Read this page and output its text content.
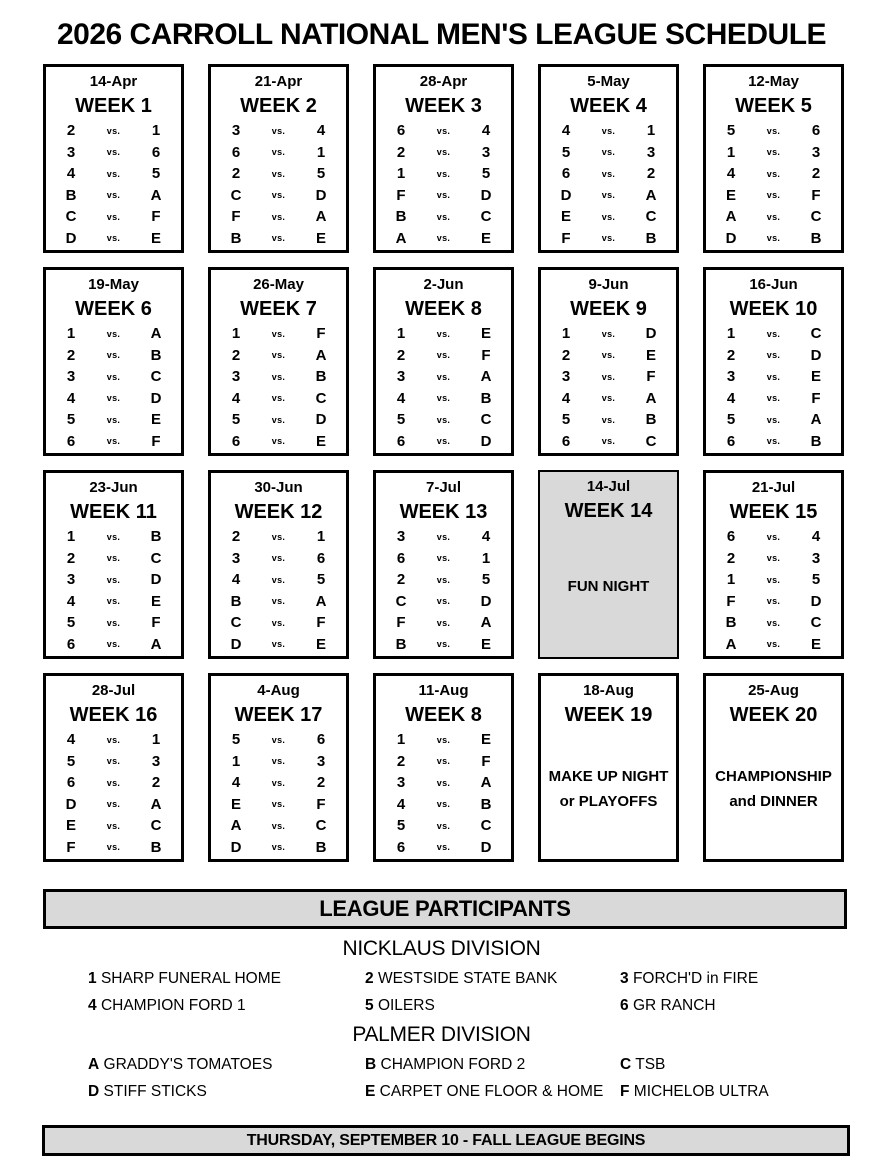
2026 CARROLL NATIONAL MEN'S LEAGUE SCHEDULE
14-Apr
WEEK 1
2	vs.	1
3	vs.	6
4	vs.	5
B	vs.	A
C	vs.	F
D	vs.	E
21-Apr
WEEK 2
3	vs.	4
6	vs.	1
2	vs.	5
C	vs.	D
F	vs.	A
B	vs.	E
28-Apr
WEEK 3
6	vs.	4
2	vs.	3
1	vs.	5
F	vs.	D
B	vs.	C
A	vs.	E
5-May
WEEK 4
4	vs.	1
5	vs.	3
6	vs.	2
D	vs.	A
E	vs.	C
F	vs.	B
12-May
WEEK 5
5	vs.	6
1	vs.	3
4	vs.	2
E	vs.	F
A	vs.	C
D	vs.	B
19-May
WEEK 6
1	vs.	A
2	vs.	B
3	vs.	C
4	vs.	D
5	vs.	E
6	vs.	F
26-May
WEEK 7
1	vs.	F
2	vs.	A
3	vs.	B
4	vs.	C
5	vs.	D
6	vs.	E
2-Jun
WEEK 8
1	vs.	E
2	vs.	F
3	vs.	A
4	vs.	B
5	vs.	C
6	vs.	D
9-Jun
WEEK 9
1	vs.	D
2	vs.	E
3	vs.	F
4	vs.	A
5	vs.	B
6	vs.	C
16-Jun
WEEK 10
1	vs.	C
2	vs.	D
3	vs.	E
4	vs.	F
5	vs.	A
6	vs.	B
23-Jun
WEEK 11
1	vs.	B
2	vs.	C
3	vs.	D
4	vs.	E
5	vs.	F
6	vs.	A
30-Jun
WEEK 12
2	vs.	1
3	vs.	6
4	vs.	5
B	vs.	A
C	vs.	F
D	vs.	E
7-Jul
WEEK 13
3	vs.	4
6	vs.	1
2	vs.	5
C	vs.	D
F	vs.	A
B	vs.	E
14-Jul
WEEK 14
FUN NIGHT
21-Jul
WEEK 15
6	vs.	4
2	vs.	3
1	vs.	5
F	vs.	D
B	vs.	C
A	vs.	E
28-Jul
WEEK 16
4	vs.	1
5	vs.	3
6	vs.	2
D	vs.	A
E	vs.	C
F	vs.	B
4-Aug
WEEK 17
5	vs.	6
1	vs.	3
4	vs.	2
E	vs.	F
A	vs.	C
D	vs.	B
11-Aug
WEEK 8
1	vs.	E
2	vs.	F
3	vs.	A
4	vs.	B
5	vs.	C
6	vs.	D
18-Aug
WEEK 19
MAKE UP NIGHT
or PLAYOFFS
25-Aug
WEEK 20
CHAMPIONSHIP
and DINNER
LEAGUE PARTICIPANTS
NICKLAUS DIVISION
1 SHARP FUNERAL HOME	2 WESTSIDE STATE BANK	3 FORCH'D in FIRE
4 CHAMPION FORD 1	5 OILERS	6 GR RANCH
PALMER DIVISION
A GRADDY'S TOMATOES	B CHAMPION FORD 2	C TSB
D STIFF STICKS	E CARPET ONE FLOOR & HOME	F MICHELOB ULTRA
THURSDAY, SEPTEMBER 10 - FALL LEAGUE BEGINS
